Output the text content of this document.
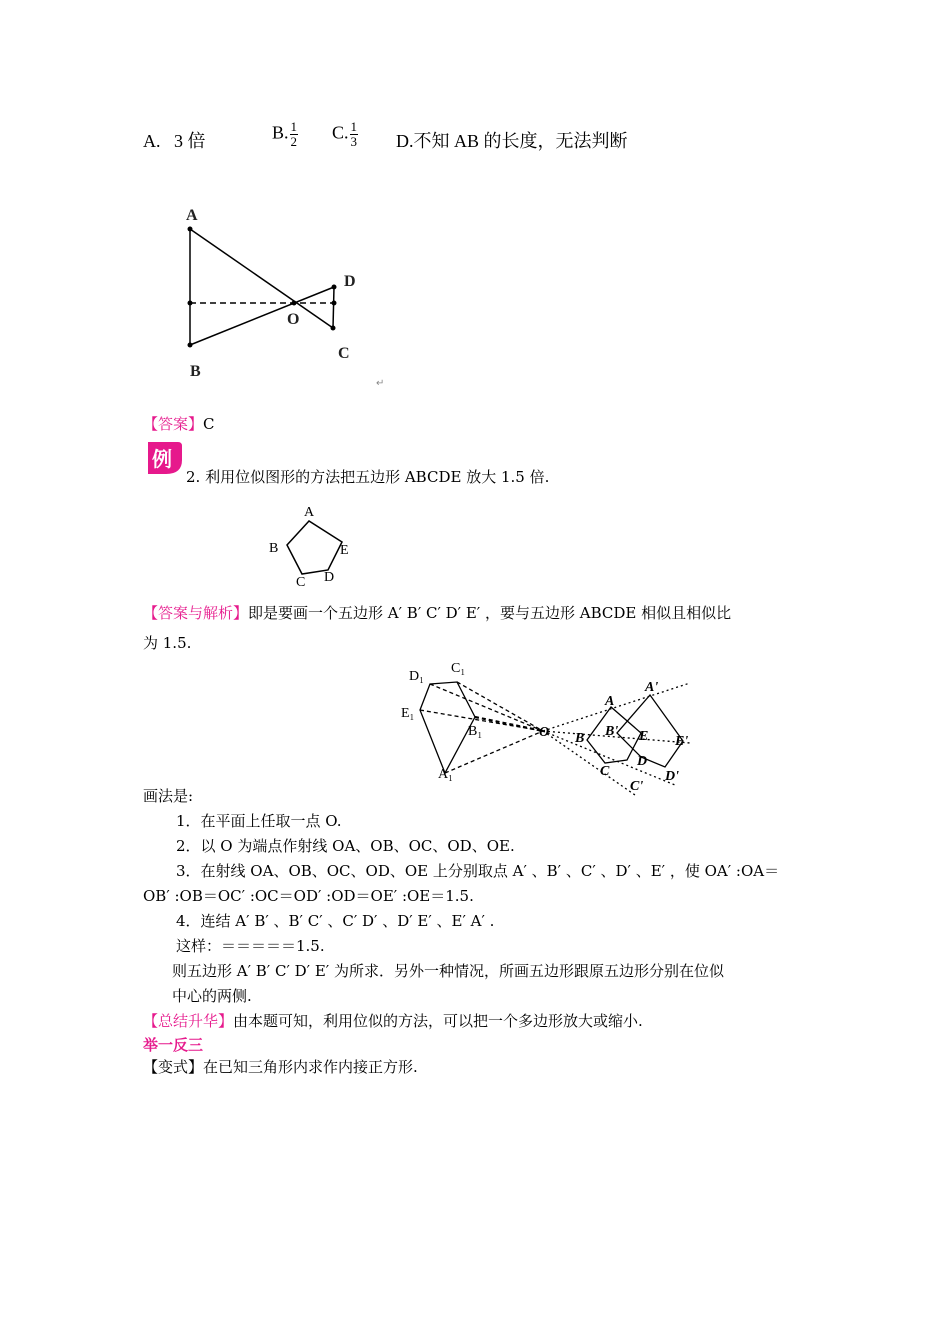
A. 3 倍	B. $\frac{1}{2} C$. $\frac{1}{3} D$.不知 AB 的长度，无法判断
A
B
O
C
D
↵
【答案】C
例
2. 利用位似图形的方法把五边形 ABCDE 放大 1.5 倍.
A
B	E
C D
【答案与解析】即是要画一个五边形 A′ B′ C′ D′ E′ ，要与五边形 ABCDE 相似且相似比
为 1.5.
D₁
C₁
E₁
B₁
A₁
O
A
B B' E
C
D
A'
E'
C'
D'
画法是:
1．在平面上任取一点 O.
2．以 O 为端点作射线 OA、OB、OC、OD、OE.
3．在射线 OA、OB、OC、OD、OE 上分别取点 A′ 、B′ 、C′ 、D′ 、E′ ，使 OA′ :OA＝
OB′ :OB＝OC′ :OC＝OD′ :OD＝OE′ :OE＝1.5.
4．连结 A′ B′ 、B′ C′ 、C′ D′ 、D′ E′ 、E′ A′ .
这样：＝＝＝＝＝1.5.
则五边形 A′ B′ C′ D′ E′ 为所求．另外一种情况，所画五边形跟原五边形分别在位似
中心的两侧.
【总结升华】由本题可知，利用位似的方法，可以把一个多边形放大或缩小.
举一反三
【变式】在已知三角形内求作内接正方形.
